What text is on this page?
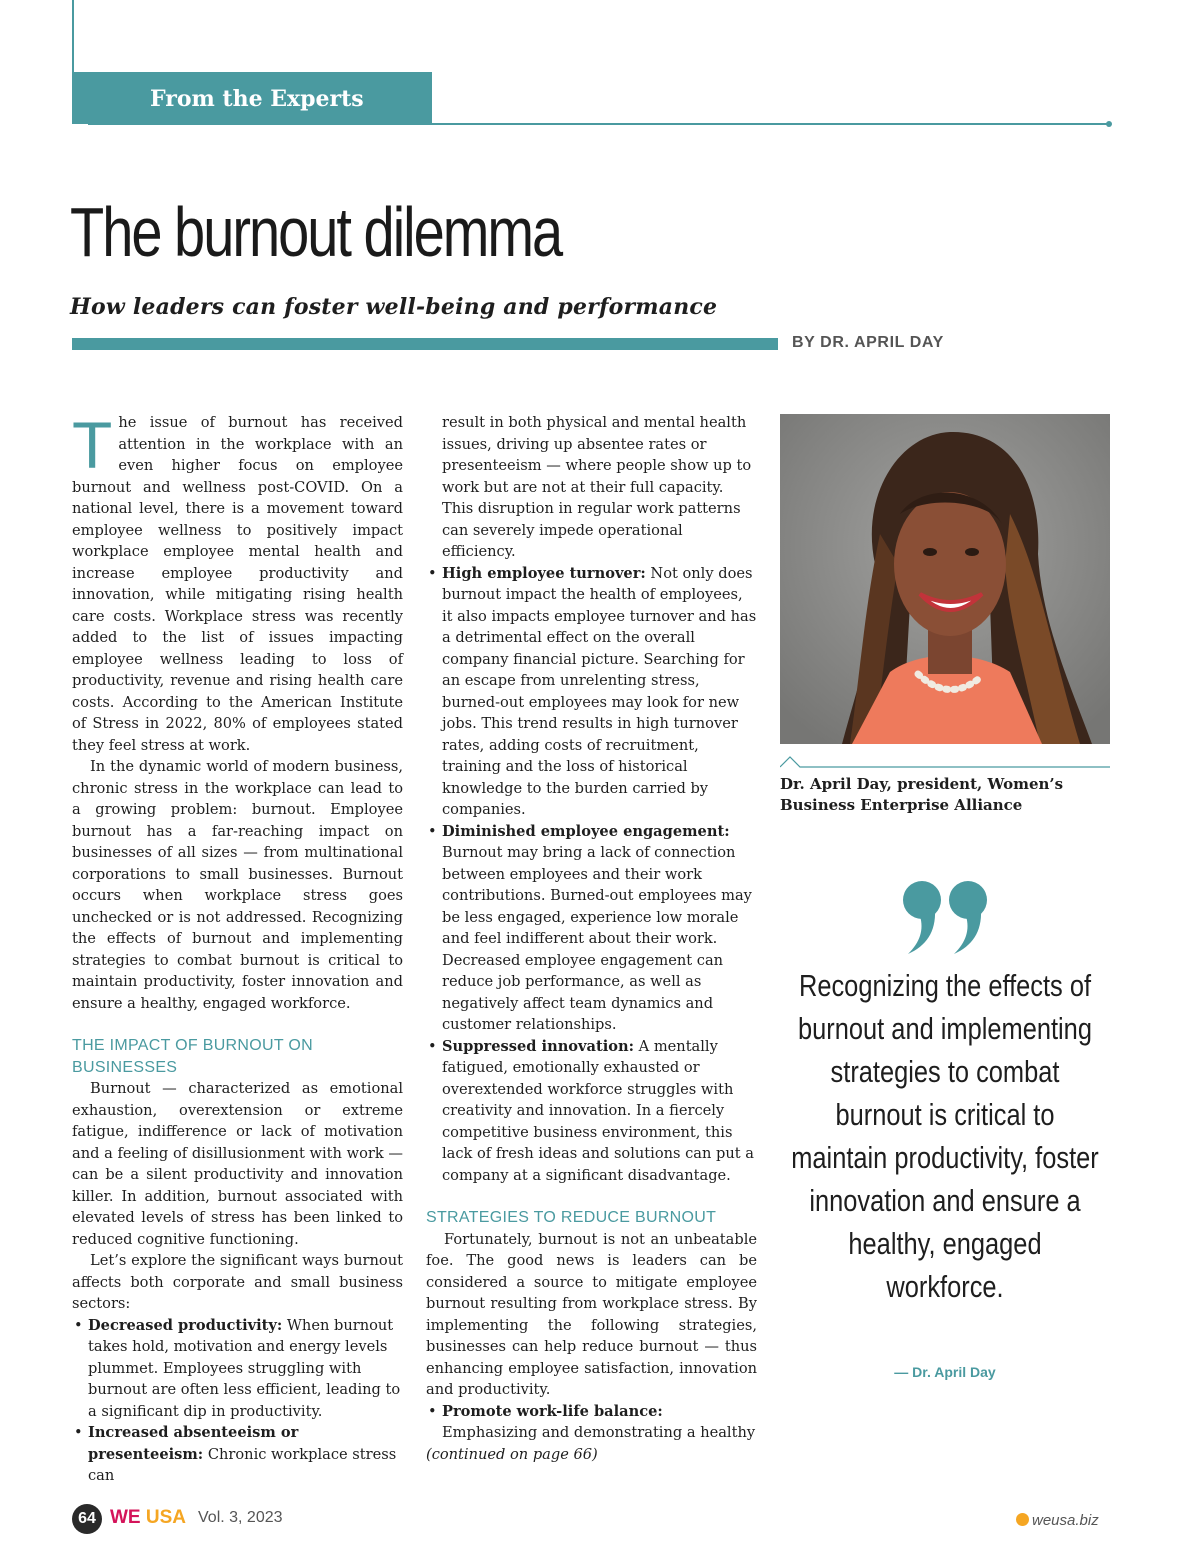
From the Experts
The burnout dilemma
How leaders can foster well-being and performance
BY DR. APRIL DAY

The issue of burnout has received attention in the workplace with an even higher focus on employee burnout and wellness post-COVID. On a national level, there is a movement toward employee wellness to positively impact workplace employee mental health and increase employee productivity and innovation, while mitigating rising health care costs. Workplace stress was recently added to the list of issues impacting employee wellness leading to loss of productivity, revenue and rising health care costs. According to the American Institute of Stress in 2022, 80% of employees stated they feel stress at work.

In the dynamic world of modern business, chronic stress in the workplace can lead to a growing problem: burnout. Employee burnout has a far-reaching impact on businesses of all sizes — from multinational corporations to small businesses. Burnout occurs when workplace stress goes unchecked or is not addressed. Recognizing the effects of burnout and implementing strategies to combat burnout is critical to maintain productivity, foster innovation and ensure a healthy, engaged workforce.

THE IMPACT OF BURNOUT ON BUSINESSES

Burnout — characterized as emotional exhaustion, overextension or extreme fatigue, indifference or lack of motivation and a feeling of disillusionment with work — can be a silent productivity and innovation killer. In addition, burnout associated with elevated levels of stress has been linked to reduced cognitive functioning.

Let’s explore the significant ways burnout affects both corporate and small business sectors:

• Decreased productivity: When burnout takes hold, motivation and energy levels plummet. Employees struggling with burnout are often less efficient, leading to a significant dip in productivity.
• Increased absenteeism or presenteeism: Chronic workplace stress can

result in both physical and mental health issues, driving up absentee rates or presenteeism — where people show up to work but are not at their full capacity. This disruption in regular work patterns can severely impede operational efficiency.

• High employee turnover: Not only does burnout impact the health of employees, it also impacts employee turnover and has a detrimental effect on the overall company financial picture. Searching for an escape from unrelenting stress, burned-out employees may look for new jobs. This trend results in high turnover rates, adding costs of recruitment, training and the loss of historical knowledge to the burden carried by companies.
• Diminished employee engagement: Burnout may bring a lack of connection between employees and their work contributions. Burned-out employees may be less engaged, experience low morale and feel indifferent about their work. Decreased employee engagement can reduce job performance, as well as negatively affect team dynamics and customer relationships.
• Suppressed innovation: A mentally fatigued, emotionally exhausted or overextended workforce struggles with creativity and innovation. In a fiercely competitive business environment, this lack of fresh ideas and solutions can put a company at a significant disadvantage.
STRATEGIES TO REDUCE BURNOUT

Fortunately, burnout is not an unbeatable foe. The good news is leaders can be considered a source to mitigate employee burnout resulting from workplace stress. By implementing the following strategies, businesses can help reduce burnout — thus enhancing employee satisfaction, innovation and productivity.

• Promote work-life balance: Emphasizing and demonstrating a healthy

(continued on page 66)

Dr. April Day, president, Women’s Business Enterprise Alliance
Recognizing the effects of burnout and implementing strategies to combat burnout is critical to maintain productivity, foster innovation and ensure a healthy, engaged workforce.
— Dr. April Day
64 WE USA Vol. 3, 2023	weusa.biz
